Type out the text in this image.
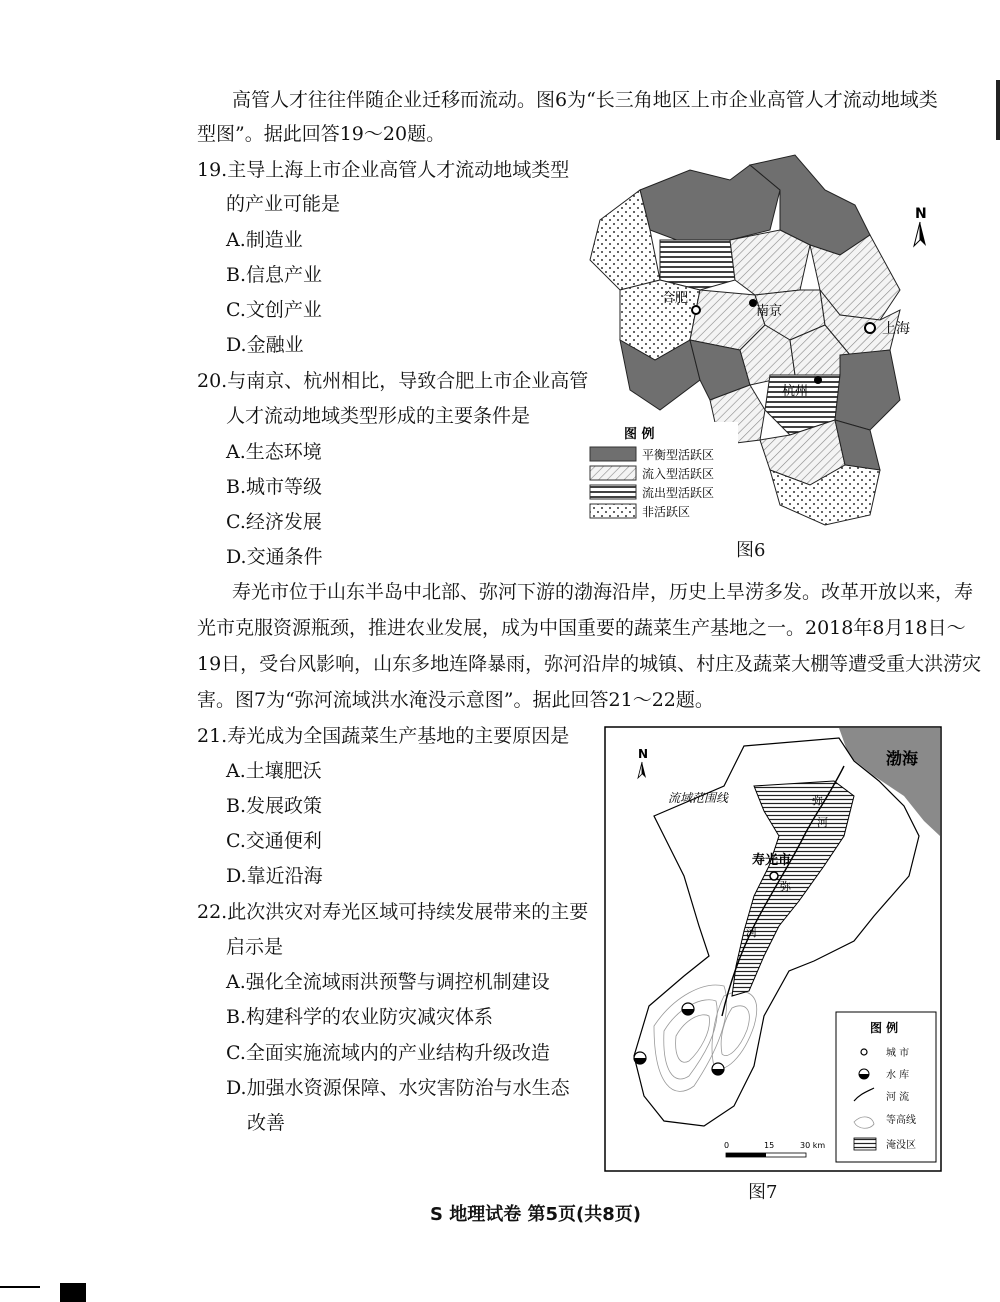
高管人才往往伴随企业迁移而流动。图6为“长三角地区上市企业高管人才流动地域类
型图”。据此回答19～20题。
19.主导上海上市企业高管人才流动地域类型
的产业可能是
A.制造业
B.信息产业
C.文创产业
D.金融业
20.与南京、杭州相比，导致合肥上市企业高管
人才流动地域类型形成的主要条件是
A.生态环境
B.城市等级
C.经济发展
D.交通条件
合肥
南京
上海
杭州
N
图 例
平衡型活跃区
流入型活跃区
流出型活跃区
非活跃区
图6
寿光市位于山东半岛中北部、弥河下游的渤海沿岸，历史上旱涝多发。改革开放以来，寿
光市克服资源瓶颈，推进农业发展，成为中国重要的蔬菜生产基地之一。2018年8月18日～
19日，受台风影响，山东多地连降暴雨，弥河沿岸的城镇、村庄及蔬菜大棚等遭受重大洪涝灾
害。图7为“弥河流域洪水淹没示意图”。据此回答21～22题。
21.寿光成为全国蔬菜生产基地的主要原因是
A.土壤肥沃
B.发展政策
C.交通便利
D.靠近沿海
22.此次洪灾对寿光区域可持续发展带来的主要
启示是
A.强化全流域雨洪预警与调控机制建设
B.构建科学的农业防灾减灾体系
C.全面实施流域内的产业结构升级改造
D.加强水资源保障、水灾害防治与水生态
改善
渤海
N
流域范围线	弥
河
弥
河
寿光市
图 例
城 市
水 库
河 流
等高线
淹没区
0	15	30 km
图7
S 地理试卷 第5页(共8页)
